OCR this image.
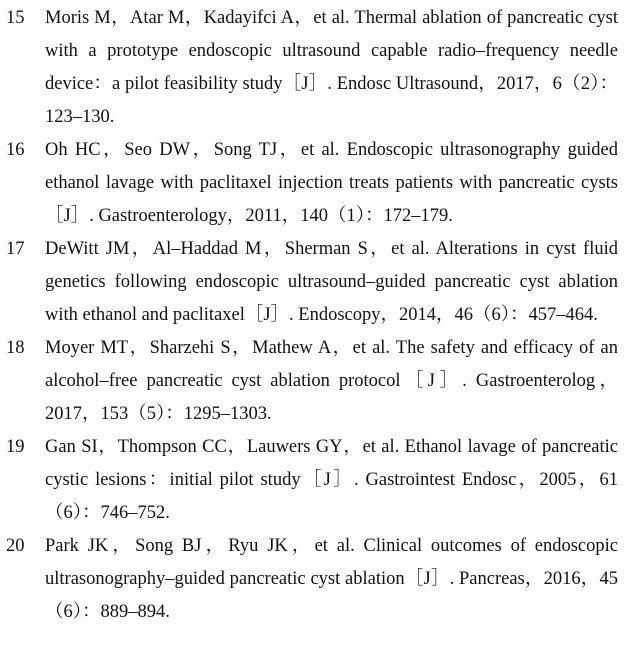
15	Moris M，Atar M，Kadayifci A，et al. Thermal ablation of pancreatic cyst with a prototype endoscopic ultrasound capable radio–frequency needle device：a pilot feasibility study［J］. Endosc Ultrasound，2017，6（2）：123–130.
16	Oh HC，Seo DW，Song TJ，et al. Endoscopic ultrasonography guided ethanol lavage with paclitaxel injection treats patients with pancreatic cysts［J］. Gastroenterology，2011，140（1）：172–179.
17	DeWitt JM，Al–Haddad M，Sherman S，et al. Alterations in cyst fluid genetics following endoscopic ultrasound–guided pancreatic cyst ablation with ethanol and paclitaxel［J］. Endoscopy，2014，46（6）：457–464.
18	Moyer MT，Sharzehi S，Mathew A，et al. The safety and efficacy of an alcohol–free pancreatic cyst ablation protocol［J］. Gastroenterolog，2017，153（5）：1295–1303.
19	Gan SI，Thompson CC，Lauwers GY，et al. Ethanol lavage of pancreatic cystic lesions：initial pilot study［J］. Gastrointest Endosc，2005，61（6）：746–752.
20	Park JK，Song BJ，Ryu JK，et al. Clinical outcomes of endoscopic ultrasonography–guided pancreatic cyst ablation［J］. Pancreas，2016，45（6）：889–894.
